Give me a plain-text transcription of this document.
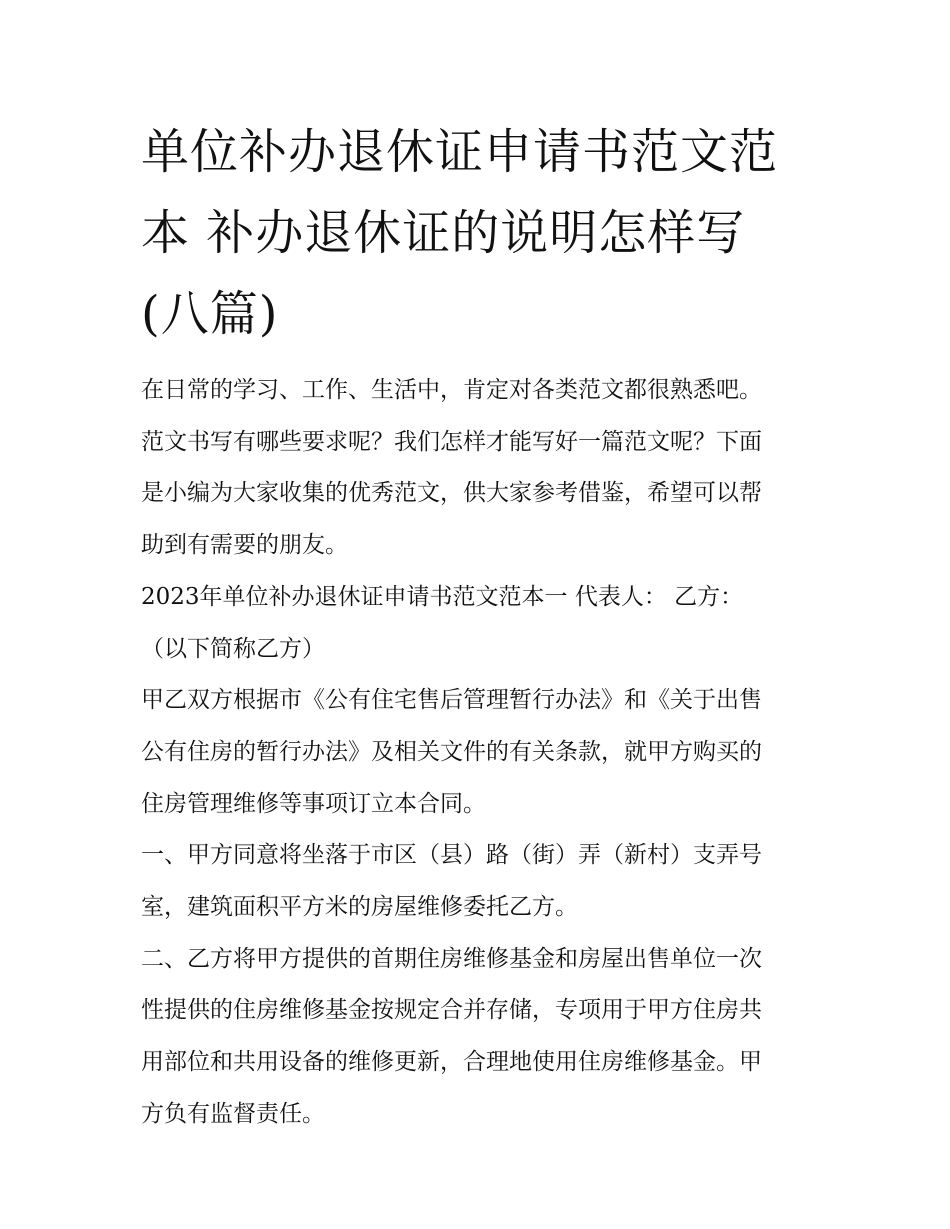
单位补办退休证申请书范文范
本 补办退休证的说明怎样写
(八篇)

在日常的学习、工作、生活中，肯定对各类范文都很熟悉吧。
范文书写有哪些要求呢？我们怎样才能写好一篇范文呢？下面
是小编为大家收集的优秀范文，供大家参考借鉴，希望可以帮
助到有需要的朋友。

2023年单位补办退休证申请书范文范本一 代表人： 乙方：
（以下简称乙方）

甲乙双方根据市《公有住宅售后管理暂行办法》和《关于出售
公有住房的暂行办法》及相关文件的有关条款，就甲方购买的
住房管理维修等事项订立本合同。

一、甲方同意将坐落于市区（县）路（街）弄（新村）支弄号
室，建筑面积平方米的房屋维修委托乙方。

二、乙方将甲方提供的首期住房维修基金和房屋出售单位一次
性提供的住房维修基金按规定合并存储，专项用于甲方住房共
用部位和共用设备的维修更新，合理地使用住房维修基金。甲
方负有监督责任。
